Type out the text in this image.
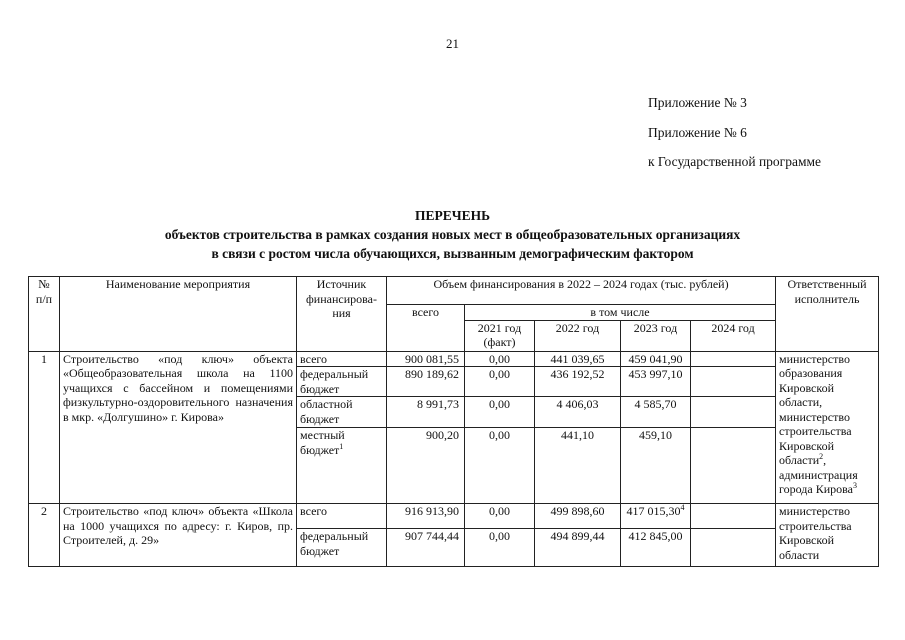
21
Приложение № 3
Приложение № 6
к Государственной программе
ПЕРЕЧЕНЬ
объектов строительства в рамках создания новых мест в общеобразовательных организациях
в связи с ростом числа обучающихся, вызванным демографическим фактором
№ п/п	Наименование мероприятия	Источник финансирова-ния	Объем финансирования в 2022 – 2024 годах (тыс. рублей)					Ответственный исполнитель
			всего	в том числе				
				2021 год (факт)	2022 год	2023 год	2024 год	
1	Строительство «под ключ» объекта «Общеобразовательная школа на 1100 учащихся с бассейном и помещениями физкультурно-оздоровительного назначения в мкр. «Долгушино» г. Кирова»	всего	900 081,55	0,00	441 039,65	459 041,90		министерство образования Кировской области, министерство строительства Кировской области$^2$, администрация города Кирова$^3$
		федеральный бюджет	890 189,62	0,00	436 192,52	453 997,10		
		областной бюджет	8 991,73	0,00	4 406,03	4 585,70		
		местный бюджет$^1$	900,20	0,00	441,10	459,10		
2	Строительство «под ключ» объекта «Школа на 1000 учащихся по адресу: г. Киров, пр. Строителей, д. 29»	всего	916 913,90	0,00	499 898,60	417 015,30$^4$		министерство строительства Кировской области
		федеральный бюджет	907 744,44	0,00	494 899,44	412 845,00		
